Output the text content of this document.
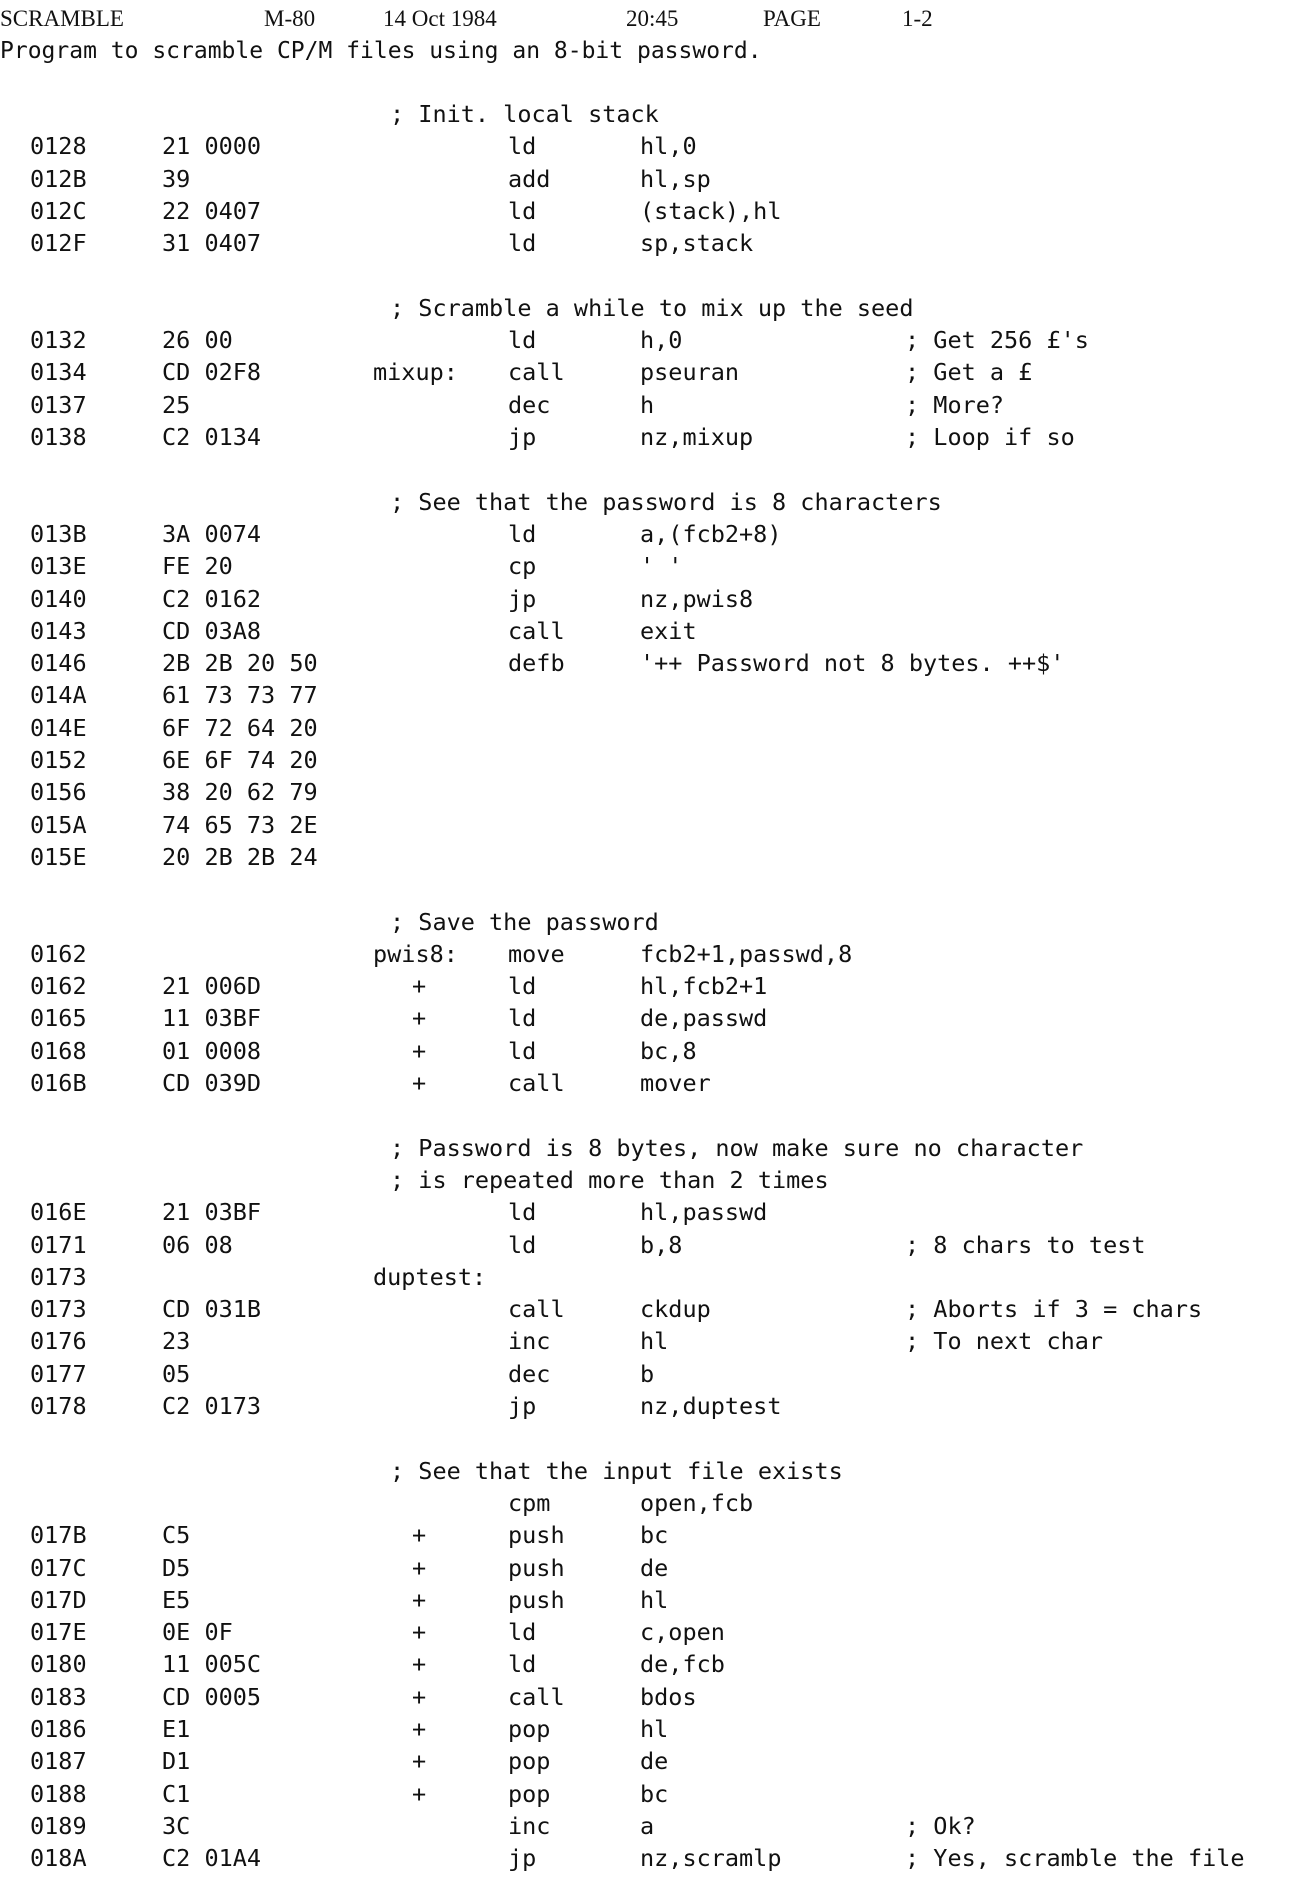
SCRAMBLE

	M-80

	14 Oct 1984

	20:45

	PAGE

	1-2

Program to scramble CP/M files using an 8-bit password.
; Init. local stack
0128	21 0000	ld	hl,0
012B	39	add	hl,sp
012C	22 0407	ld	(stack),hl
012F	31 0407	ld	sp,stack
; Scramble a while to mix up the seed
0132	26 00	ld	h,0	; Get 256 £'s
0134	CD 02F8	mixup: call	pseuran	; Get a £
0137	25	dec	h	; More?
0138	C2 0134	jp	nz,mixup	; Loop if so
; See that the password is 8 characters
013B	3A 0074	ld	a,(fcb2+8)
013E	FE 20	cp	' '
0140	C2 0162	jp	nz,pwis8
0143	CD 03A8	call	exit
0146	2B 2B 20 50	defb	'++ Password not 8 bytes. ++$'
014A	61 73 73 77
014E	6F 72 64 20
0152	6E 6F 74 20
0156	38 20 62 79
015A	74 65 73 2E
015E	20 2B 2B 24
; Save the password
0162	pwis8: move	fcb2+1,passwd,8
0162	21 006D	+	ld	hl,fcb2+1
0165	11 03BF	+	ld	de,passwd
0168	01 0008	+	ld	bc,8
016B	CD 039D	+	call	mover
; Password is 8 bytes, now make sure no character
; is repeated more than 2 times
016E	21 03BF	ld	hl,passwd
0171	06 08	ld	b,8	; 8 chars to test
0173	duptest:
0173	CD 031B	call	ckdup	; Aborts if 3 = chars
0176	23	inc	hl	; To next char
0177	05	dec	b
0178	C2 0173	jp	nz,duptest
; See that the input file exists
cpm	open,fcb
017B	C5	+	push	bc
017C	D5	+	push	de
017D	E5	+	push	hl
017E	0E 0F	+	ld	c,open
0180	11 005C	+	ld	de,fcb
0183	CD 0005	+	call	bdos
0186	E1	+	pop	hl
0187	D1	+	pop	de
0188	C1	+	pop	bc
0189	3C	inc	a	; Ok?
018A	C2 01A4	jp	nz,scramlp	; Yes, scramble the file
